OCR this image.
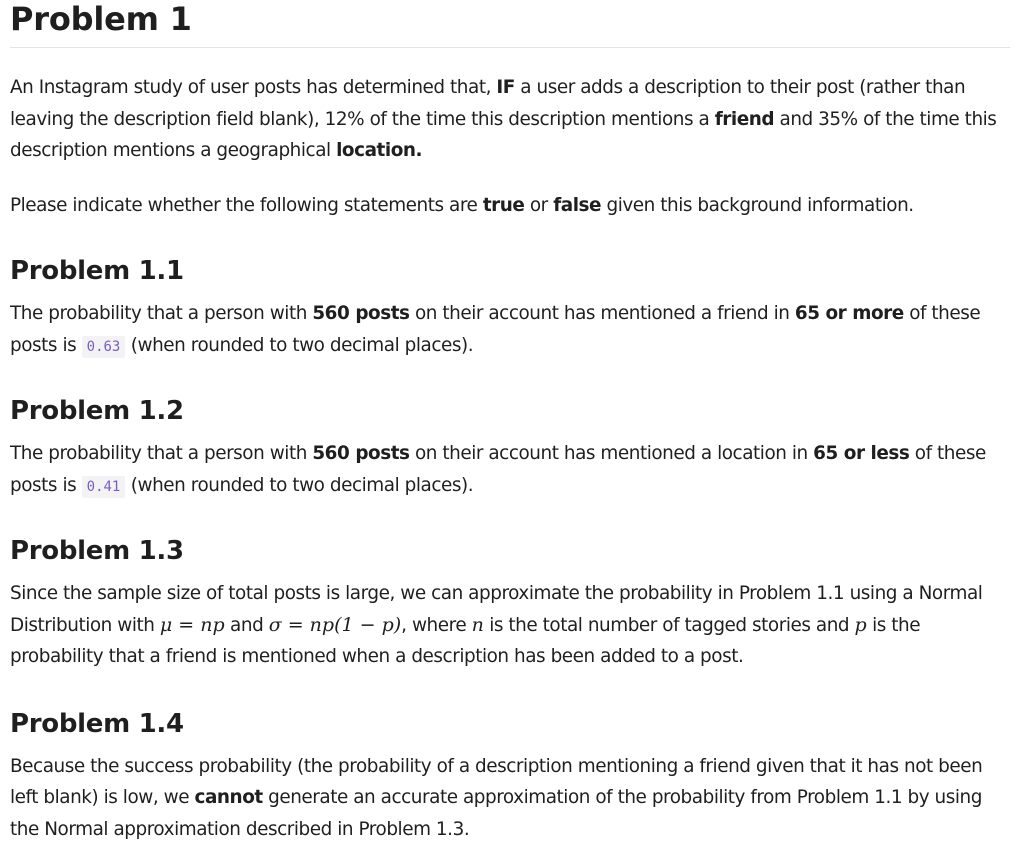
Problem 1

An Instagram study of user posts has determined that, IF a user adds a description to their post (rather than leaving the description field blank), 12% of the time this description mentions a friend and 35% of the time this description mentions a geographical location.

Please indicate whether the following statements are true or false given this background information.

Problem 1.1

The probability that a person with 560 posts on their account has mentioned a friend in 65 or more of these posts is 0.63 (when rounded to two decimal places).

Problem 1.2

The probability that a person with 560 posts on their account has mentioned a location in 65 or less of these posts is 0.41 (when rounded to two decimal places).

Problem 1.3

Since the sample size of total posts is large, we can approximate the probability in Problem 1.1 using a Normal Distribution with μ = np and σ = np(1 − p), where n is the total number of tagged stories and p is the probability that a friend is mentioned when a description has been added to a post.

Problem 1.4

Because the success probability (the probability of a description mentioning a friend given that it has not been left blank) is low, we cannot generate an accurate approximation of the probability from Problem 1.1 by using the Normal approximation described in Problem 1.3.
